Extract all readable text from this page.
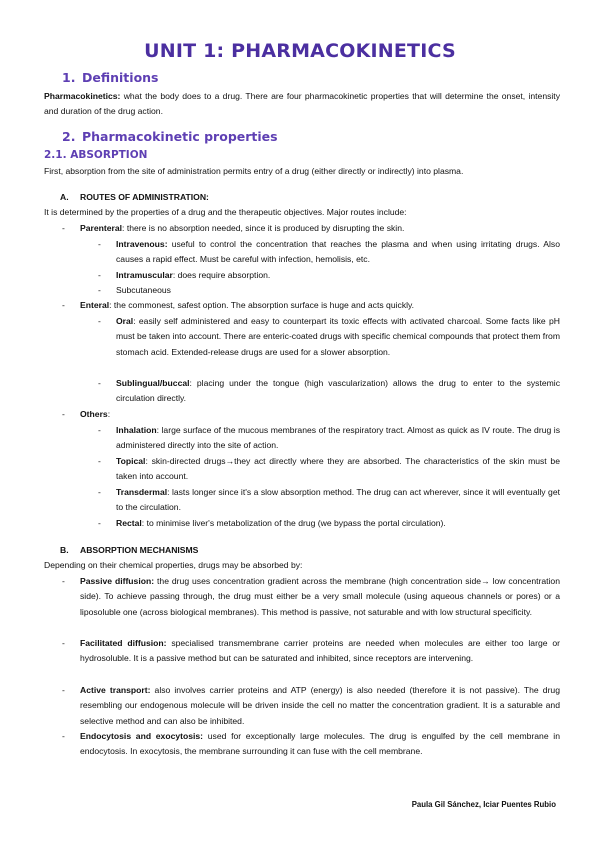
UNIT 1: PHARMACOKINETICS
1. Definitions
Pharmacokinetics: what the body does to a drug. There are four pharmacokinetic properties that will determine the onset, intensity and duration of the drug action.
2. Pharmacokinetic properties
2.1. ABSORPTION
First, absorption from the site of administration permits entry of a drug (either directly or indirectly) into plasma.
A. ROUTES OF ADMINISTRATION:
It is determined by the properties of a drug and the therapeutic objectives. Major routes include:
- Parenteral: there is no absorption needed, since it is produced by disrupting the skin.
- Intravenous: useful to control the concentration that reaches the plasma and when using irritating drugs. Also causes a rapid effect. Must be careful with infection, hemolisis, etc.
- Intramuscular: does require absorption.
- Subcutaneous
- Enteral: the commonest, safest option. The absorption surface is huge and acts quickly.
- Oral: easily self administered and easy to counterpart its toxic effects with activated charcoal. Some facts like pH must be taken into account. There are enteric-coated drugs with specific chemical compounds that protect them from stomach acid. Extended-release drugs are used for a slower absorption.
- Sublingual/buccal: placing under the tongue (high vascularization) allows the drug to enter to the systemic circulation directly.
- Others:
- Inhalation: large surface of the mucous membranes of the respiratory tract. Almost as quick as IV route. The drug is administered directly into the site of action.
- Topical: skin-directed drugs→they act directly where they are absorbed. The characteristics of the skin must be taken into account.
- Transdermal: lasts longer since it's a slow absorption method. The drug can act wherever, since it will eventually get to the circulation.
- Rectal: to minimise liver's metabolization of the drug (we bypass the portal circulation).
B. ABSORPTION MECHANISMS
Depending on their chemical properties, drugs may be absorbed by:
- Passive diffusion: the drug uses concentration gradient across the membrane (high concentration side→ low concentration side). To achieve passing through, the drug must either be a very small molecule (using aqueous channels or pores) or a liposoluble one (across biological membranes). This method is passive, not saturable and with low structural specificity.
- Facilitated diffusion: specialised transmembrane carrier proteins are needed when molecules are either too large or hydrosoluble. It is a passive method but can be saturated and inhibited, since receptors are intervening.
- Active transport: also involves carrier proteins and ATP (energy) is also needed (therefore it is not passive). The drug resembling our endogenous molecule will be driven inside the cell no matter the concentration gradient. It is a saturable and selective method and can also be inhibited.
- Endocytosis and exocytosis: used for exceptionally large molecules. The drug is engulfed by the cell membrane in endocytosis. In exocytosis, the membrane surrounding it can fuse with the cell membrane.
Paula Gil Sánchez, Iciar Puentes Rubio
